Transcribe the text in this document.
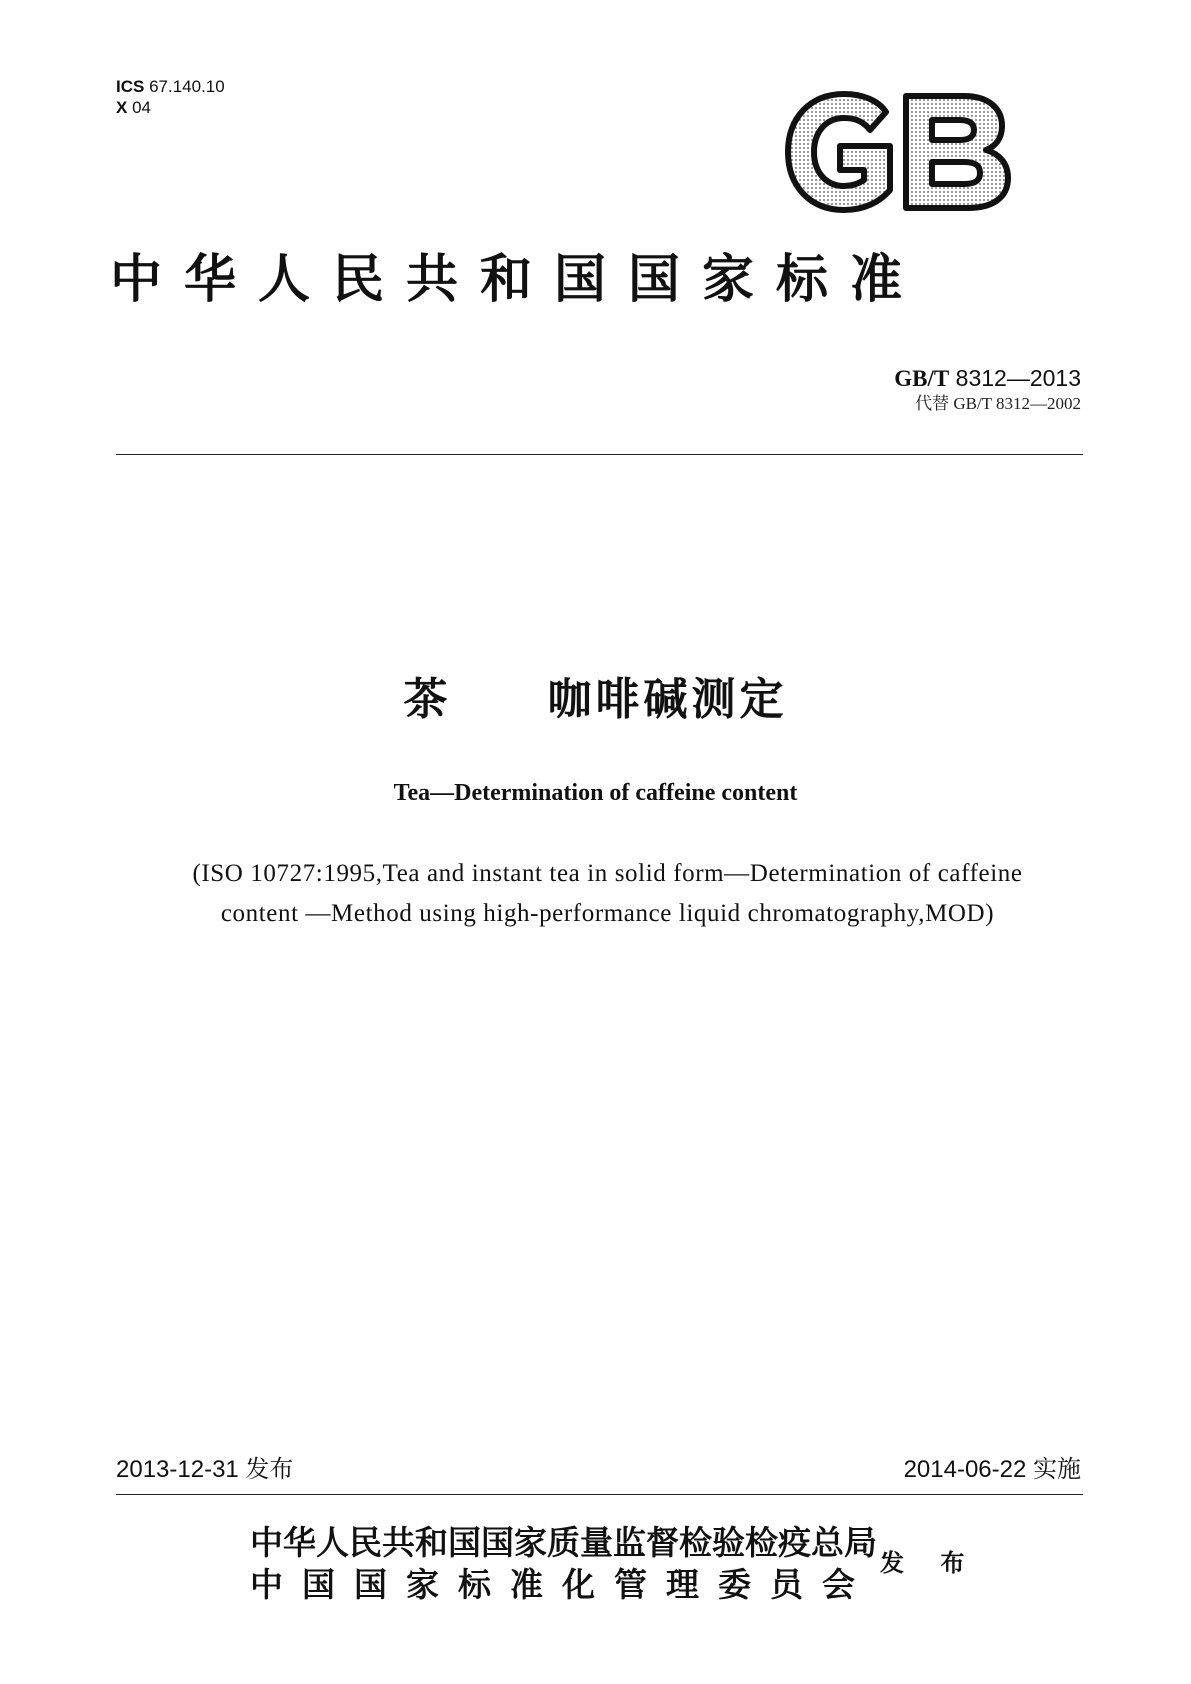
ICS 67.140.10
X 04
中华人民共和国国家标准
GB/T 8312—2013
代替 GB/T 8312—2002
茶　　咖啡碱测定
Tea—Determination of caffeine content
(ISO 10727:1995,Tea and instant tea in solid form—Determination of caffeine
content —Method using high-performance liquid chromatography,MOD)
2013-12-31 发布	2014-06-22 实施
中华人民共和国国家质量监督检验检疫总局
中国国家标准化管理委员会
发 布
